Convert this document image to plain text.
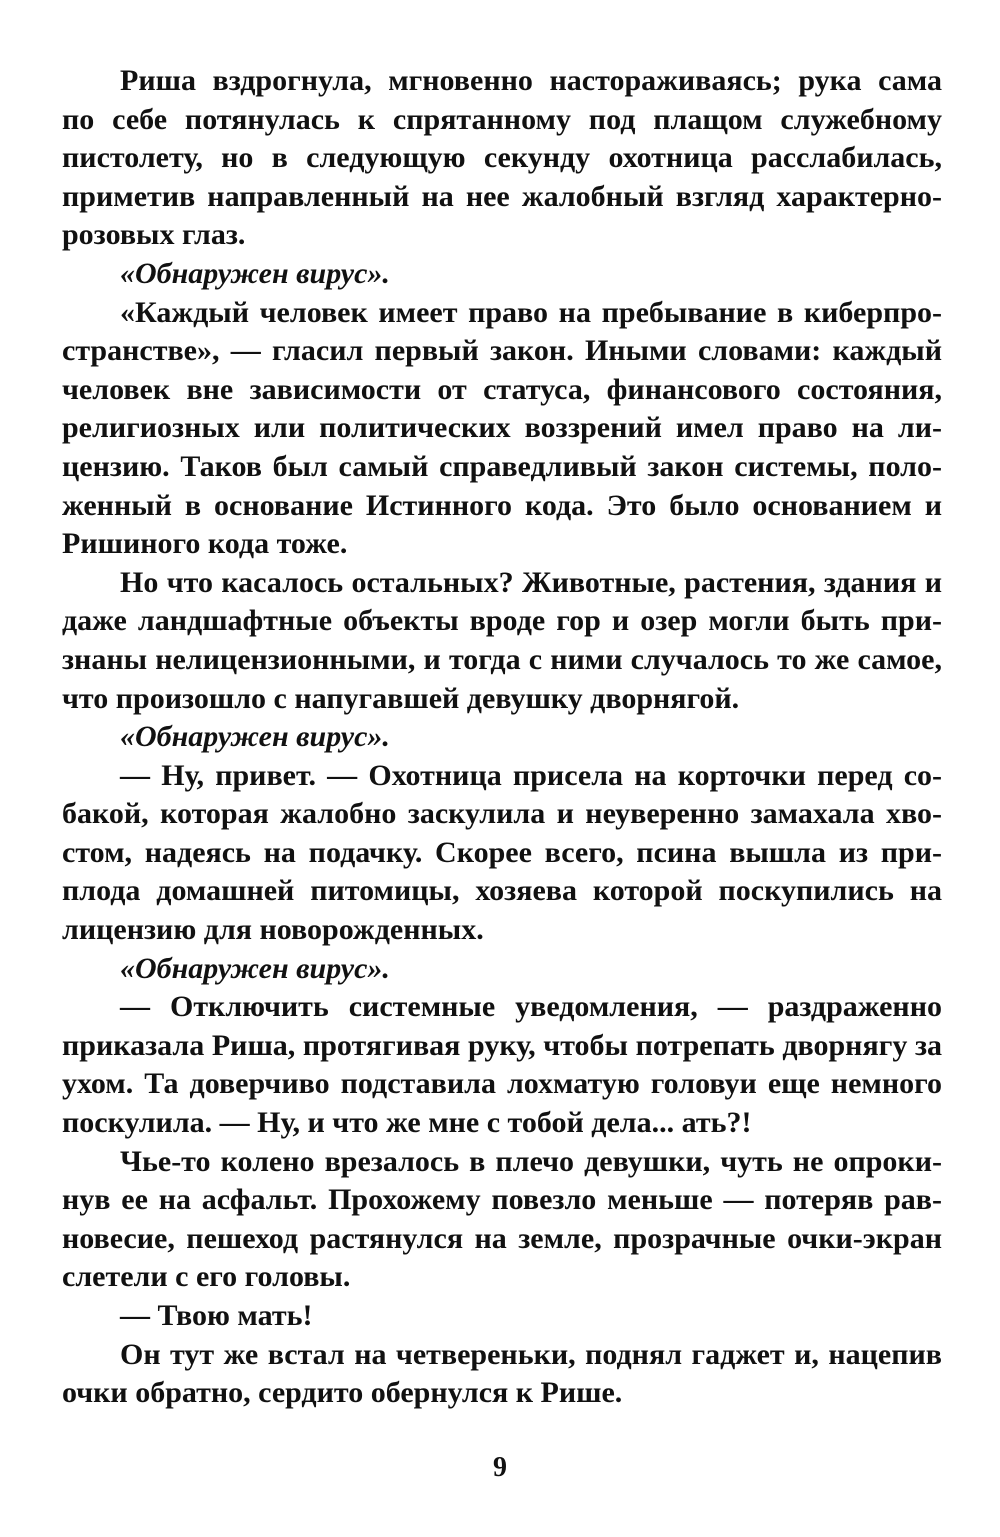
Риша вздрогнула, мгновенно настораживаясь; рука сама
по себе потянулась к спрятанному под плащом служебному
пистолету, но в следующую секунду охотница расслабилась,
приметив направленный на нее жалобный взгляд характерно-
розовых глаз.
«Обнаружен вирус».
«Каждый человек имеет право на пребывание в киберпро-
странстве», — гласил первый закон. Иными словами: каждый
человек вне зависимости от статуса, финансового состояния,
религиозных или политических воззрений имел право на ли-
цензию. Таков был самый справедливый закон системы, поло-
женный в основание Истинного кода. Это было основанием и
Ришиного кода тоже.
Но что касалось остальных? Животные, растения, здания и
даже ландшафтные объекты вроде гор и озер могли быть при-
знаны нелицензионными, и тогда с ними случалось то же самое,
что произошло с напугавшей девушку дворнягой.
«Обнаружен вирус».
— Ну, привет. — Охотница присела на корточки перед со-
бакой, которая жалобно заскулила и неуверенно замахала хво-
стом, надеясь на подачку. Скорее всего, псина вышла из при-
плода домашней питомицы, хозяева которой поскупились на
лицензию для новорожденных.
«Обнаружен вирус».
— Отключить системные уведомления, — раздраженно
приказала Риша, протягивая руку, чтобы потрепать дворнягу за
ухом. Та доверчиво подставила лохматую головуи еще немного
поскулила. — Ну, и что же мне с тобой дела... ать?!
Чье-то колено врезалось в плечо девушки, чуть не опроки-
нув ее на асфальт. Прохожему повезло меньше — потеряв рав-
новесие, пешеход растянулся на земле, прозрачные очки-экран
слетели с его головы.
— Твою мать!
Он тут же встал на четвереньки, поднял гаджет и, нацепив
очки обратно, сердито обернулся к Рише.
9
